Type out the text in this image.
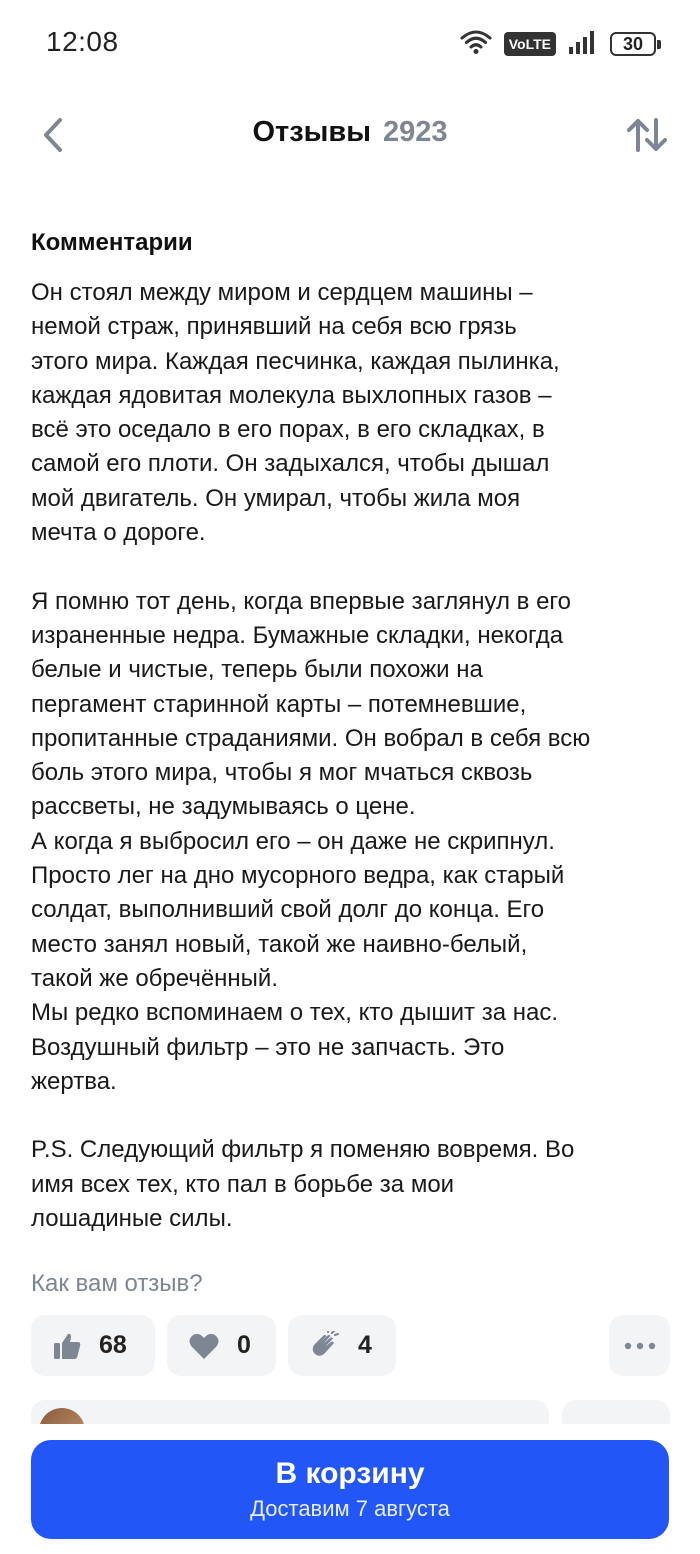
12:08	VoLTE	30
Отзывы 2923
Комментарии
Он стоял между миром и сердцем машины –
немой страж, принявший на себя всю грязь
этого мира. Каждая песчинка, каждая пылинка,
каждая ядовитая молекула выхлопных газов –
всё это оседало в его порах, в его складках, в
самой его плоти. Он задыхался, чтобы дышал
мой двигатель. Он умирал, чтобы жила моя
мечта о дороге.

Я помню тот день, когда впервые заглянул в его
израненные недра. Бумажные складки, некогда
белые и чистые, теперь были похожи на
пергамент старинной карты – потемневшие,
пропитанные страданиями. Он вобрал в себя всю
боль этого мира, чтобы я мог мчаться сквозь
рассветы, не задумываясь о цене.
А когда я выбросил его – он даже не скрипнул.
Просто лег на дно мусорного ведра, как старый
солдат, выполнивший свой долг до конца. Его
место занял новый, такой же наивно-белый,
такой же обречённый.
Мы редко вспоминаем о тех, кто дышит за нас.
Воздушный фильтр – это не запчасть. Это
жертва.

P.S. Следующий фильтр я поменяю вовремя. Во
имя всех тех, кто пал в борьбе за мои
лошадиные силы.
Как вам отзыв?
68	0	4
В корзину
Доставим 7 августа
